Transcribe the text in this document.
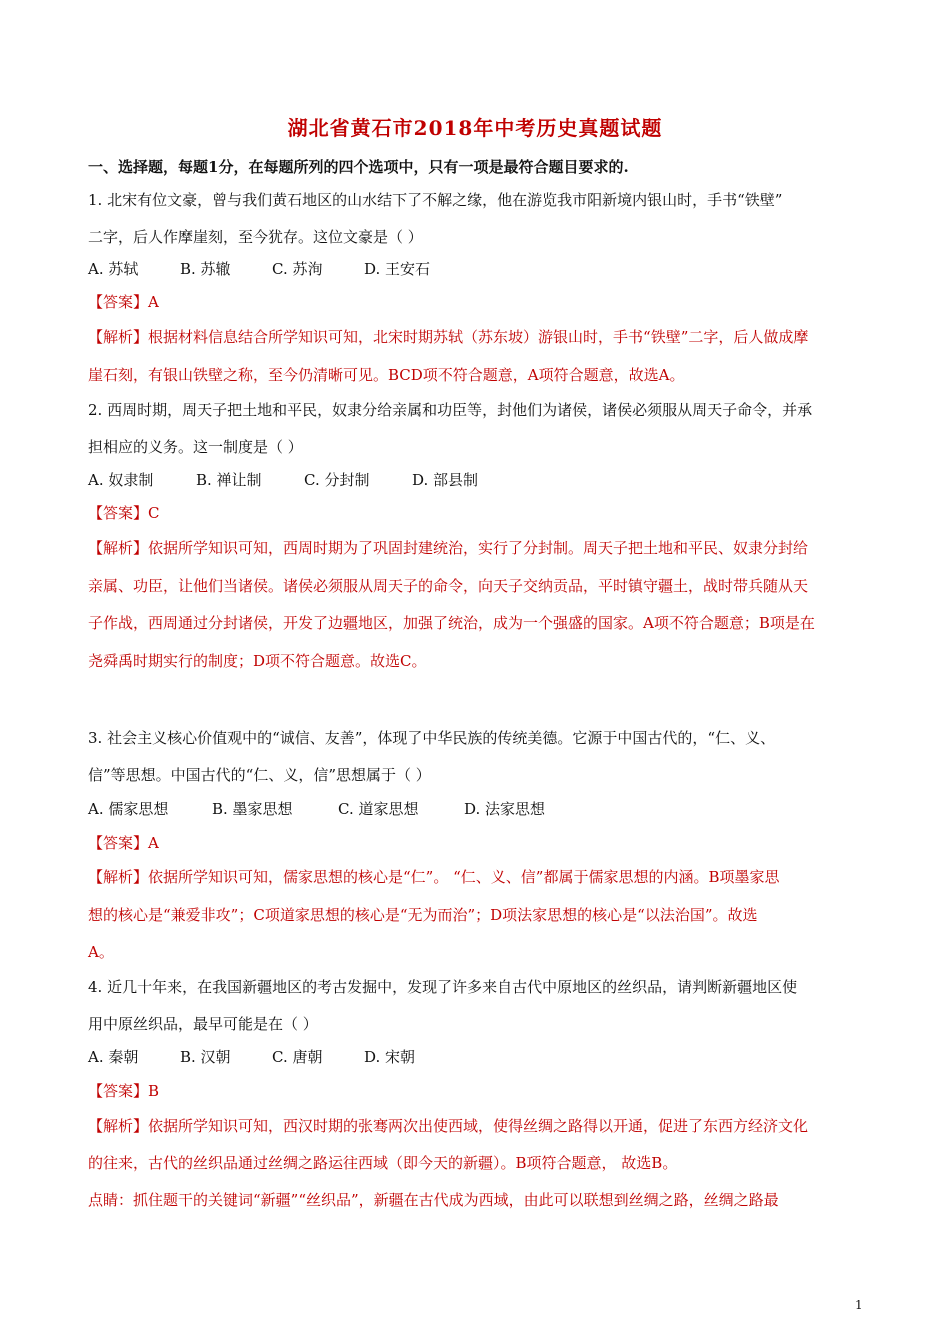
湖北省黄石市2018年中考历史真题试题
一、选择题，每题1分，在每题所列的四个选项中，只有一项是最符合题目要求的.
1. 北宋有位文豪，曾与我们黄石地区的山水结下了不解之缘，他在游览我市阳新境内银山时，手书“铁壁”
二字，后人作摩崖刻，至今犹存。这位文豪是（ ）
A. 苏轼	B. 苏辙	C. 苏洵	D. 王安石
【答案】A
【解析】根据材料信息结合所学知识可知，北宋时期苏轼（苏东坡）游银山时，手书“铁壁”二字，后人做成摩
崖石刻，有银山铁壁之称，至今仍清晰可见。BCD项不符合题意，A项符合题意，故选A。
2. 西周时期，周天子把土地和平民，奴隶分给亲属和功臣等，封他们为诸侯，诸侯必须服从周天子命令，并承
担相应的义务。这一制度是（ ）
A. 奴隶制	B. 禅让制	C. 分封制	D. 部县制
【答案】C
【解析】依据所学知识可知，西周时期为了巩固封建统治，实行了分封制。周天子把土地和平民、奴隶分封给
亲属、功臣，让他们当诸侯。诸侯必须服从周天子的命令，向天子交纳贡品，平时镇守疆土，战时带兵随从天
子作战，西周通过分封诸侯，开发了边疆地区，加强了统治，成为一个强盛的国家。A项不符合题意；B项是在
尧舜禹时期实行的制度；D项不符合题意。故选C。
3. 社会主义核心价值观中的“诚信、友善”，体现了中华民族的传统美德。它源于中国古代的，“仁、义、
信”等思想。中国古代的“仁、义，信”思想属于（ ）
A. 儒家思想	B. 墨家思想	C. 道家思想	D. 法家思想
【答案】A
【解析】依据所学知识可知，儒家思想的核心是“仁”。 “仁、义、信”都属于儒家思想的内涵。B项墨家思
想的核心是“兼爱非攻”；C项道家思想的核心是“无为而治”；D项法家思想的核心是“以法治国”。故选
A。
4. 近几十年来，在我国新疆地区的考古发掘中，发现了许多来自古代中原地区的丝织品，请判断新疆地区使
用中原丝织品，最早可能是在（ ）
A. 秦朝	B. 汉朝	C. 唐朝	D. 宋朝
【答案】B
【解析】依据所学知识可知，西汉时期的张骞两次出使西域，使得丝绸之路得以开通，促进了东西方经济文化
的往来，古代的丝织品通过丝绸之路运往西域（即今天的新疆）。B项符合题意， 故选B。
点睛：抓住题干的关键词“新疆”“丝织品”，新疆在古代成为西域，由此可以联想到丝绸之路，丝绸之路最
1
